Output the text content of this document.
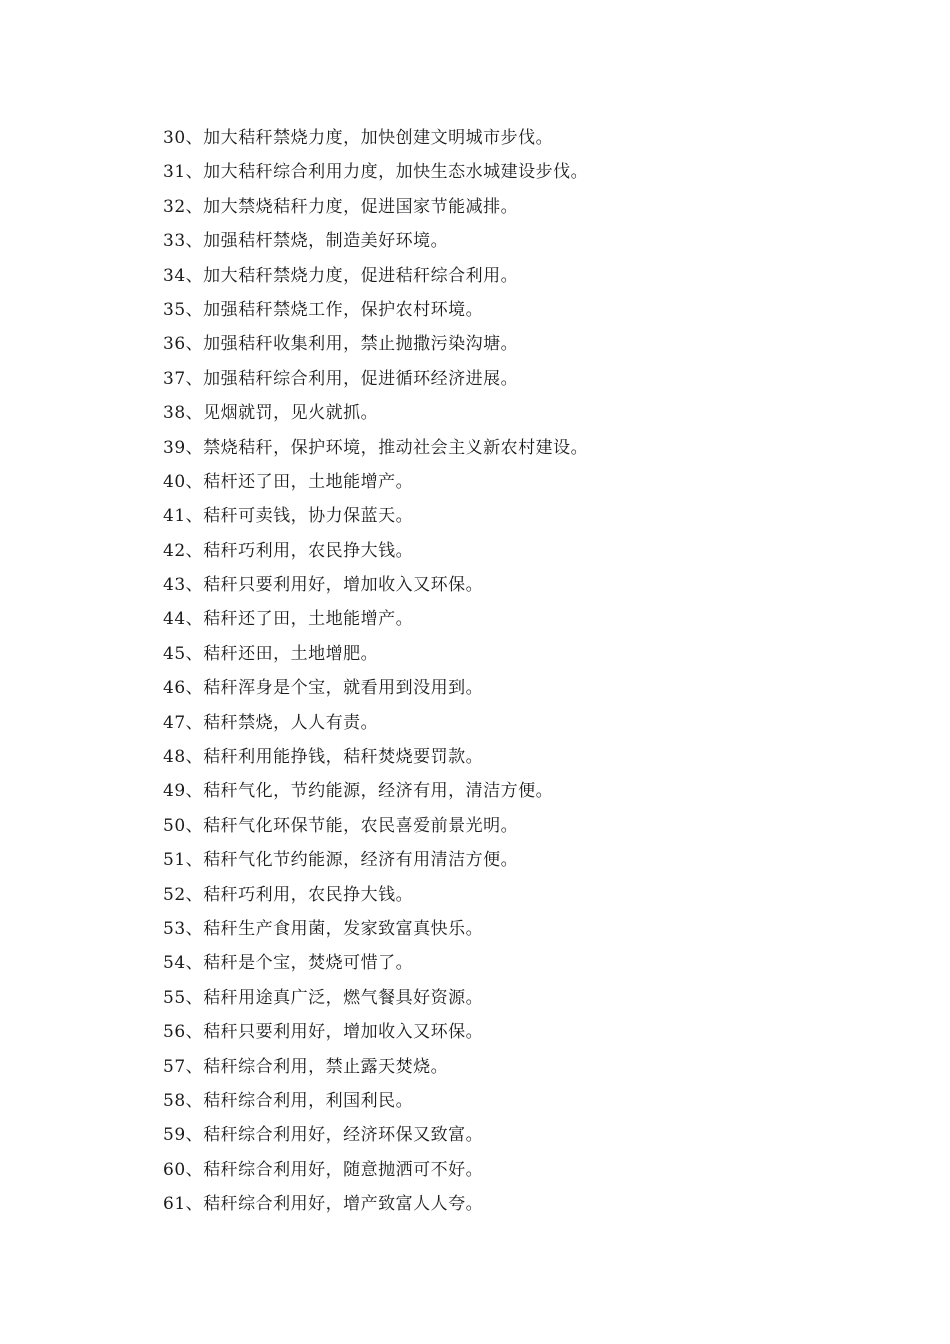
30、加大秸秆禁烧力度，加快创建文明城市步伐。
31、加大秸秆综合利用力度，加快生态水城建设步伐。
32、加大禁烧秸秆力度，促进国家节能减排。
33、加强秸杆禁烧，制造美好环境。
34、加大秸秆禁烧力度，促进秸秆综合利用。
35、加强秸秆禁烧工作，保护农村环境。
36、加强秸秆收集利用，禁止抛撒污染沟塘。
37、加强秸秆综合利用，促进循环经济进展。
38、见烟就罚，见火就抓。
39、禁烧秸秆，保护环境，推动社会主义新农村建设。
40、秸杆还了田，土地能增产。
41、秸秆可卖钱，协力保蓝天。
42、秸秆巧利用，农民挣大钱。
43、秸秆只要利用好，增加收入又环保。
44、秸秆还了田，土地能增产。
45、秸秆还田，土地增肥。
46、秸秆浑身是个宝，就看用到没用到。
47、秸秆禁烧，人人有责。
48、秸秆利用能挣钱，秸秆焚烧要罚款。
49、秸秆气化，节约能源，经济有用，清洁方便。
50、秸秆气化环保节能，农民喜爱前景光明。
51、秸秆气化节约能源，经济有用清洁方便。
52、秸秆巧利用，农民挣大钱。
53、秸秆生产食用菌，发家致富真快乐。
54、秸秆是个宝，焚烧可惜了。
55、秸秆用途真广泛，燃气餐具好资源。
56、秸秆只要利用好，增加收入又环保。
57、秸秆综合利用，禁止露天焚烧。
58、秸秆综合利用，利国利民。
59、秸秆综合利用好，经济环保又致富。
60、秸秆综合利用好，随意抛洒可不好。
61、秸秆综合利用好，增产致富人人夸。
